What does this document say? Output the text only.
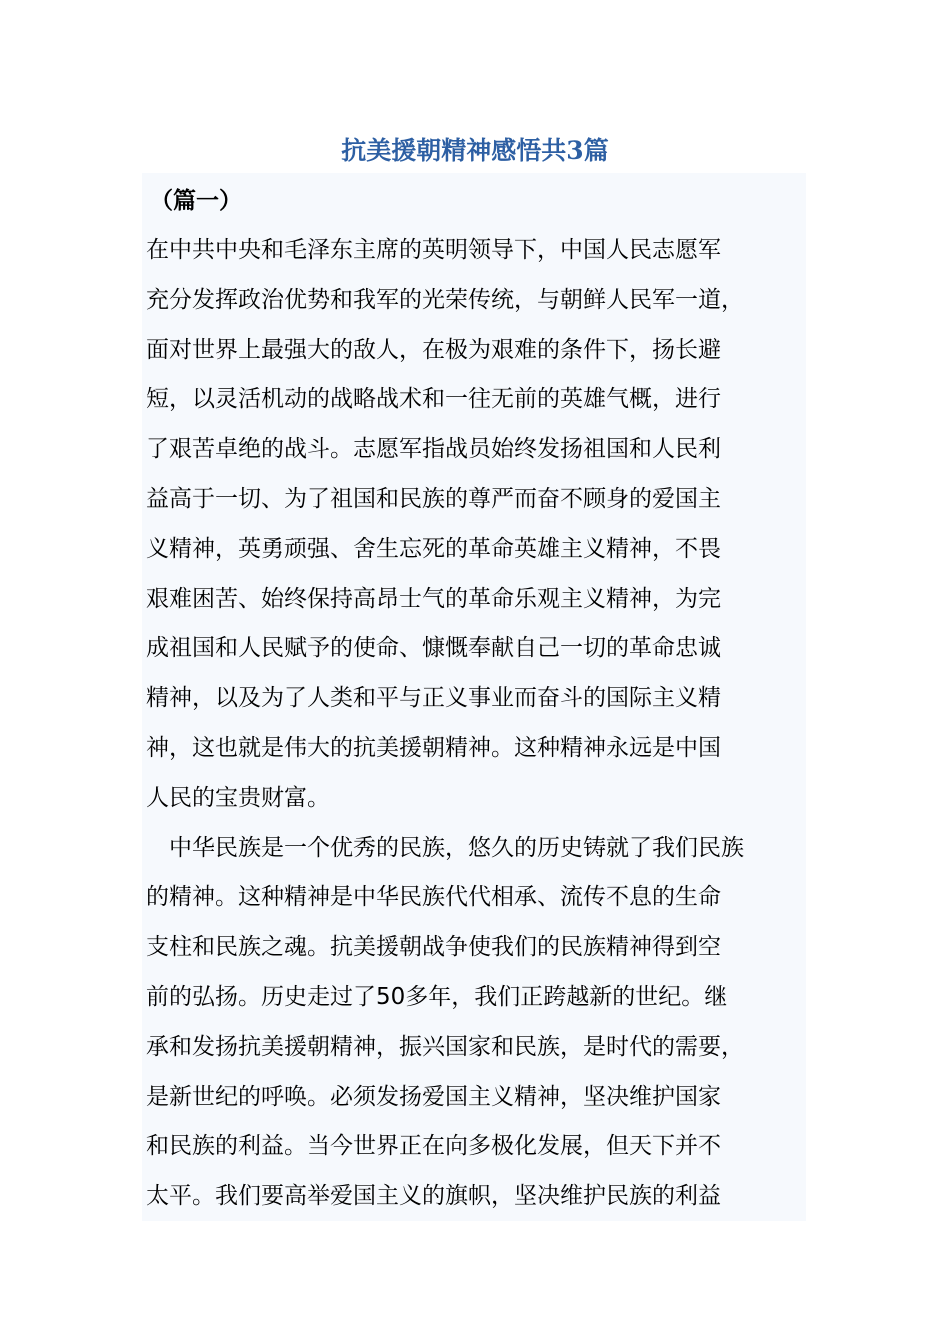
抗美援朝精神感悟共3篇

（篇一）

在中共中央和毛泽东主席的英明领导下，中国人民志愿军

充分发挥政治优势和我军的光荣传统，与朝鲜人民军一道，

面对世界上最强大的敌人，在极为艰难的条件下，扬长避

短，以灵活机动的战略战术和一往无前的英雄气概，进行

了艰苦卓绝的战斗。志愿军指战员始终发扬祖国和人民利

益高于一切、为了祖国和民族的尊严而奋不顾身的爱国主

义精神，英勇顽强、舍生忘死的革命英雄主义精神，不畏

艰难困苦、始终保持高昂士气的革命乐观主义精神，为完

成祖国和人民赋予的使命、慷慨奉献自己一切的革命忠诚

精神，以及为了人类和平与正义事业而奋斗的国际主义精

神，这也就是伟大的抗美援朝精神。这种精神永远是中国

人民的宝贵财富。

　中华民族是一个优秀的民族，悠久的历史铸就了我们民族

的精神。这种精神是中华民族代代相承、流传不息的生命

支柱和民族之魂。抗美援朝战争使我们的民族精神得到空

前的弘扬。历史走过了50多年，我们正跨越新的世纪。继

承和发扬抗美援朝精神，振兴国家和民族，是时代的需要，

是新世纪的呼唤。必须发扬爱国主义精神，坚决维护国家

和民族的利益。当今世界正在向多极化发展，但天下并不

太平。我们要高举爱国主义的旗帜，坚决维护民族的利益
